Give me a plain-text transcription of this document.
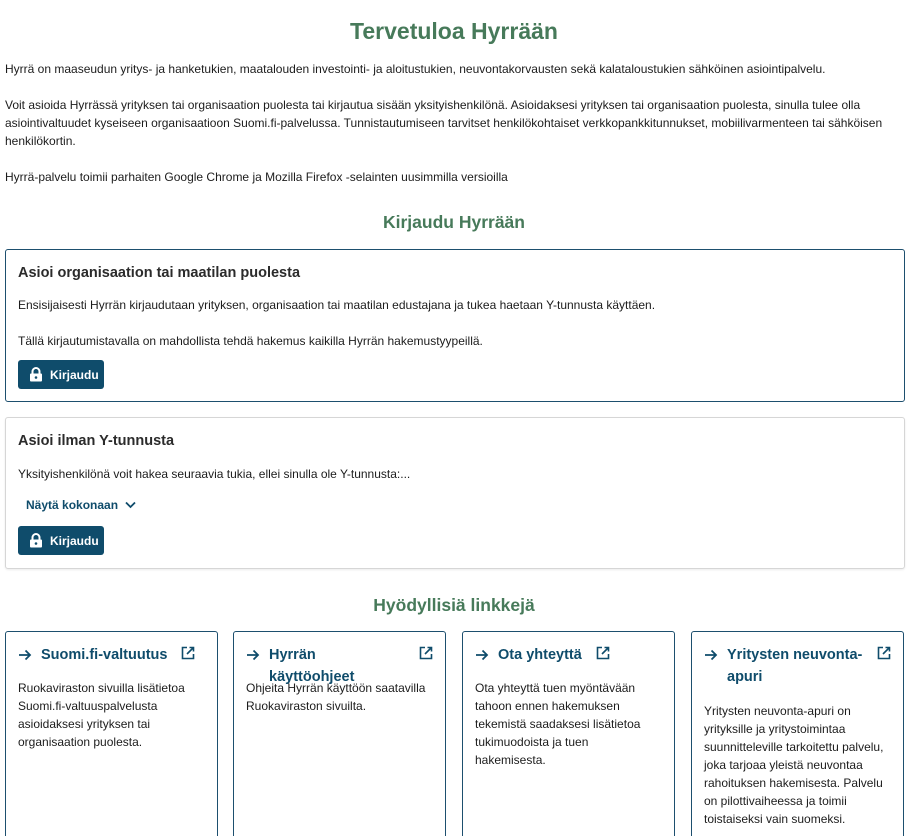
Tervetuloa Hyrrään

Hyrrä on maaseudun yritys- ja hanketukien, maatalouden investointi- ja aloitustukien, neuvontakorvausten sekä kalataloustukien sähköinen asiointipalvelu.

Voit asioida Hyrrässä yrityksen tai organisaation puolesta tai kirjautua sisään yksityishenkilönä. Asioidaksesi yrityksen tai organisaation puolesta, sinulla tulee olla asiointivaltuudet kyseiseen organisaatioon Suomi.fi-palvelussa. Tunnistautumiseen tarvitset henkilökohtaiset verkkopankkitunnukset, mobiilivarmenteen tai sähköisen henkilökortin.

Hyrrä-palvelu toimii parhaiten Google Chrome ja Mozilla Firefox -selainten uusimmilla versioilla

Kirjaudu Hyrrään
Asioi organisaation tai maatilan puolesta

Ensisijaisesti Hyrrän kirjaudutaan yrityksen, organisaation tai maatilan edustajana ja tukea haetaan Y-tunnusta käyttäen.

Tällä kirjautumistavalla on mahdollista tehdä hakemus kaikilla Hyrrän hakemustyypeillä.

Kirjaudu
Asioi ilman Y-tunnusta

Yksityishenkilönä voit hakea seuraavia tukia, ellei sinulla ole Y-tunnusta:...

Näytä kokonaan
Kirjaudu
Hyödyllisiä linkkejä
Suomi.fi-valtuutus

Ruokaviraston sivuilla lisätietoa Suomi.fi-valtuuspalvelusta asioidaksesi yrityksen tai organisaation puolesta.

Hyrrän käyttöohjeet

Ohjeita Hyrrän käyttöön saatavilla Ruokaviraston sivuilta.

Ota yhteyttä

Ota yhteyttä tuen myöntävään tahoon ennen hakemuksen tekemistä saadaksesi lisätietoa tukimuodoista ja tuen hakemisesta.

Yritysten neuvonta-apuri

Yritysten neuvonta-apuri on yrityksille ja yritystoimintaa suunnitteleville tarkoitettu palvelu, joka tarjoaa yleistä neuvontaa rahoituksen hakemisesta. Palvelu on pilottivaiheessa ja toimii toistaiseksi vain suomeksi.
